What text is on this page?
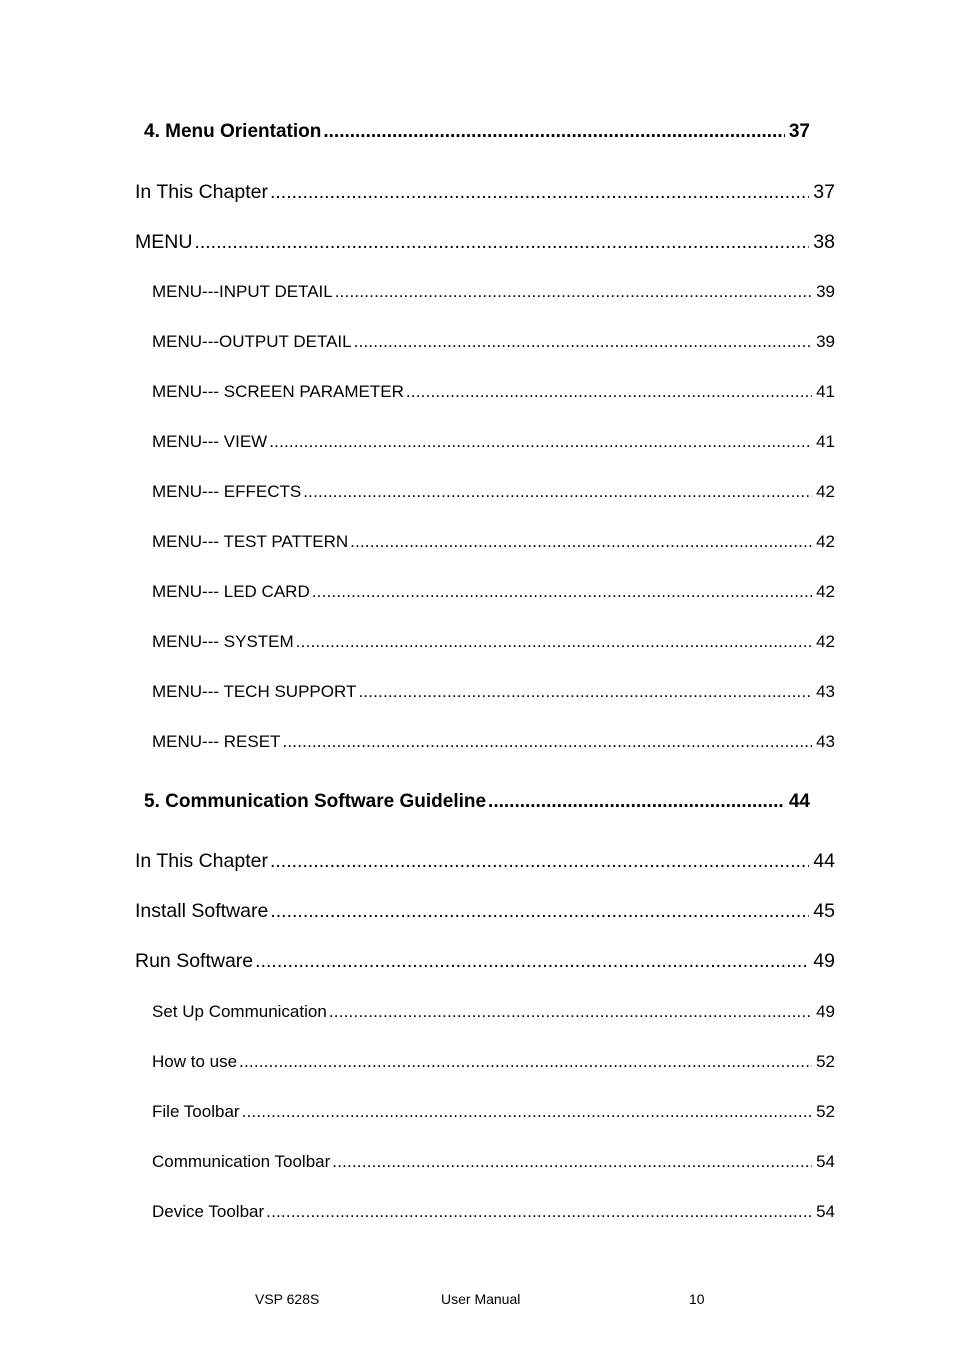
4. Menu Orientation .....	37
In This Chapter .....	37
MENU .....	38
MENU---INPUT DETAIL .....	39
MENU---OUTPUT DETAIL .....	39
MENU--- SCREEN PARAMETER .....	41
MENU--- VIEW .....	41
MENU--- EFFECTS .....	42
MENU--- TEST PATTERN .....	42
MENU--- LED CARD .....	42
MENU--- SYSTEM .....	42
MENU--- TECH SUPPORT .....	43
MENU--- RESET .....	43
5. Communication Software Guideline .....	44
In This Chapter .....	44
Install Software .....	45
Run Software .....	49
Set Up Communication .....	49
How to use .....	52
File Toolbar .....	52
Communication Toolbar .....	54
Device Toolbar .....	54
VSP 628S	User Manual	10
